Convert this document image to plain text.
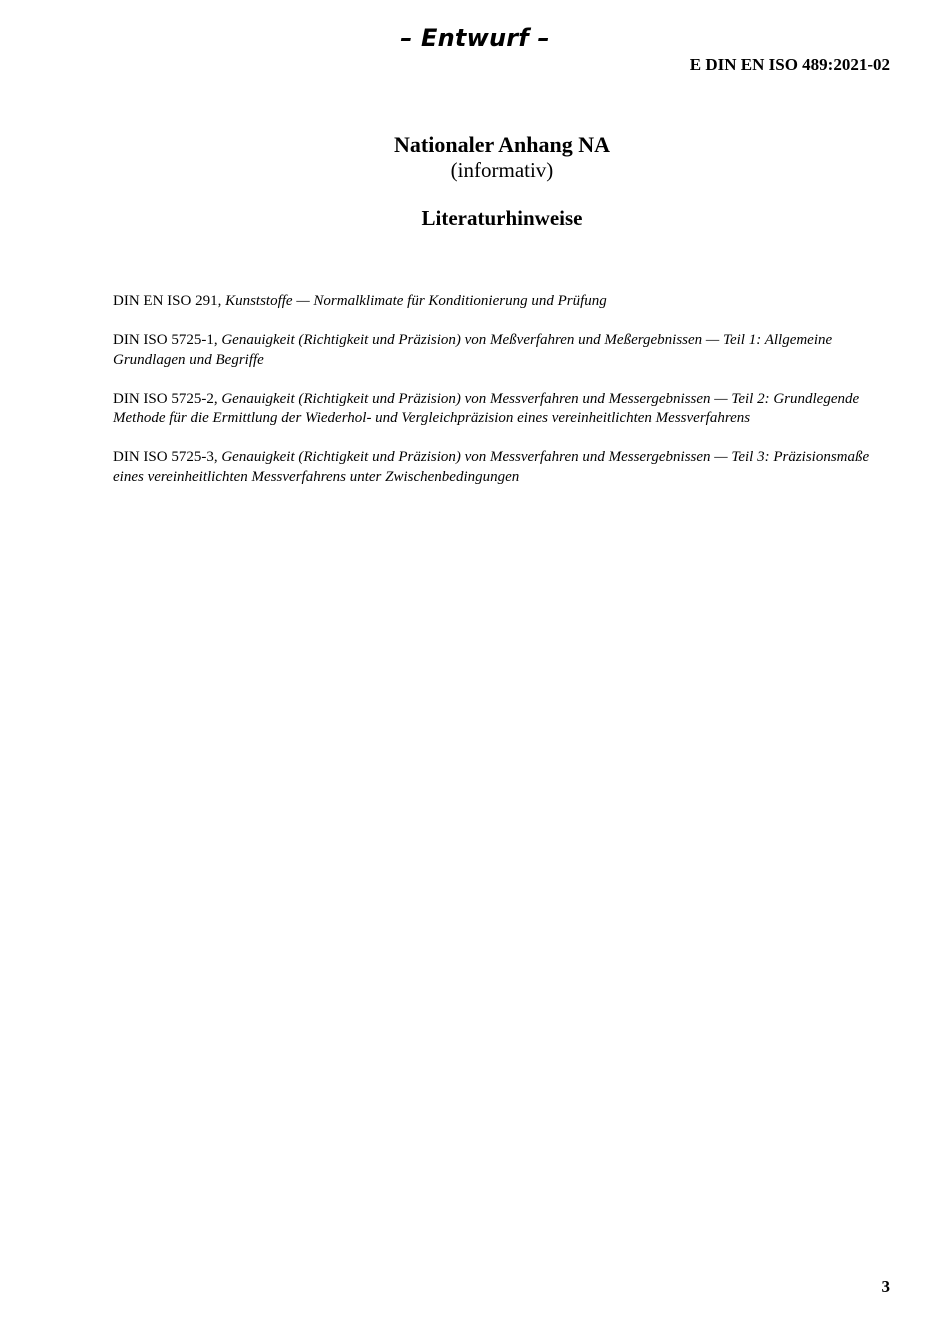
– Entwurf –
E DIN EN ISO 489:2021-02
Nationaler Anhang NA
(informativ)
Literaturhinweise
DIN EN ISO 291, Kunststoffe — Normalklimate für Konditionierung und Prüfung
DIN ISO 5725-1, Genauigkeit (Richtigkeit und Präzision) von Meßverfahren und Meßergebnissen — Teil 1: Allgemeine Grundlagen und Begriffe
DIN ISO 5725-2, Genauigkeit (Richtigkeit und Präzision) von Messverfahren und Messergebnissen — Teil 2: Grundlegende Methode für die Ermittlung der Wiederhol- und Vergleichpräzision eines vereinheitlichten Messverfahrens
DIN ISO 5725-3, Genauigkeit (Richtigkeit und Präzision) von Messverfahren und Messergebnissen — Teil 3: Präzisionsmaße eines vereinheitlichten Messverfahrens unter Zwischenbedingungen
3
